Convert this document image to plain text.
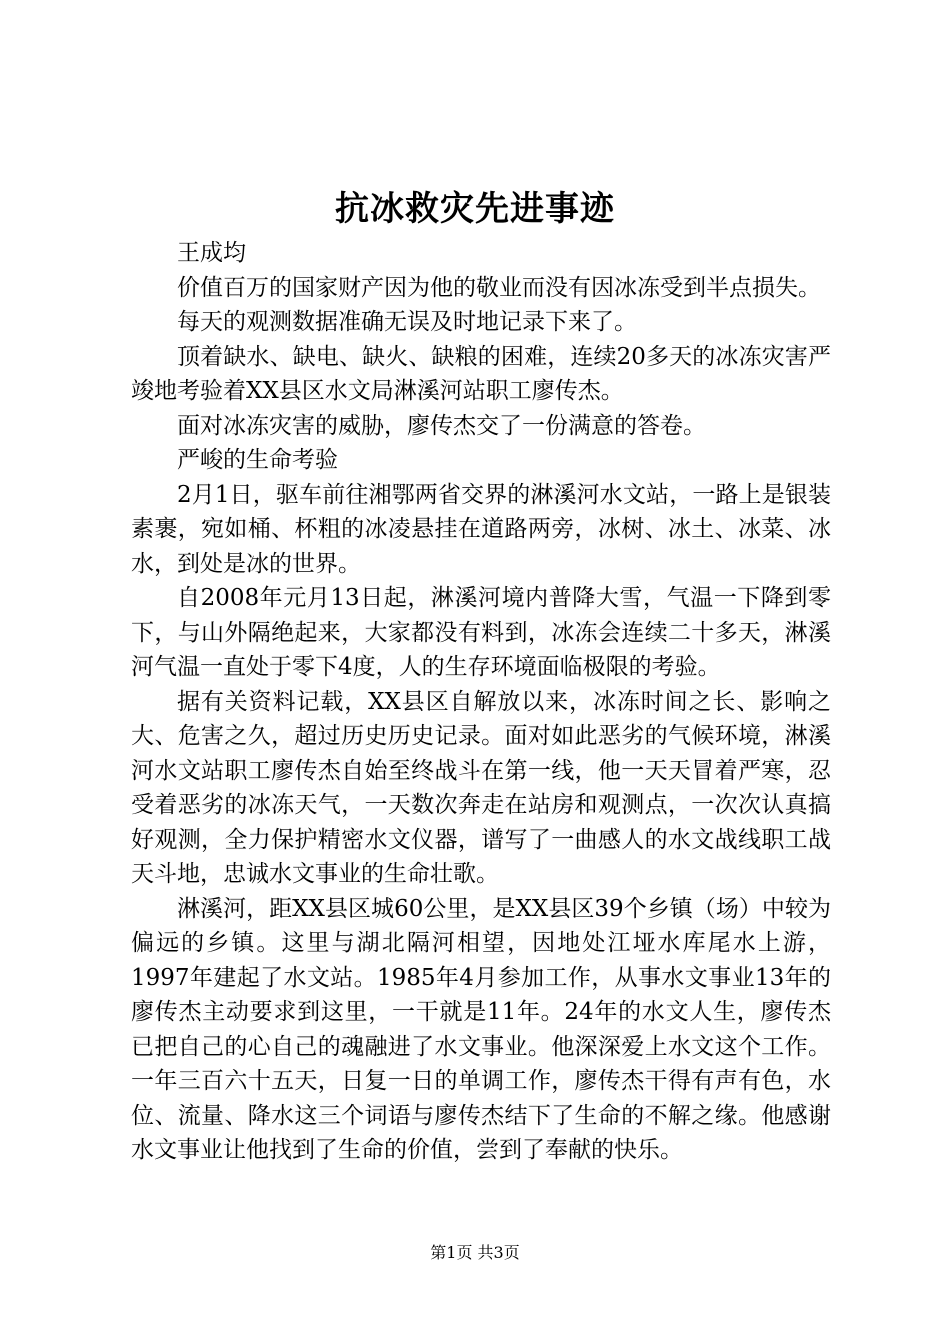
抗冰救灾先进事迹

王成均

价值百万的国家财产因为他的敬业而没有因冰冻受到半点损失。

每天的观测数据准确无误及时地记录下来了。

顶着缺水、缺电、缺火、缺粮的困难，连续20多天的冰冻灾害严竣地考验着XX县区水文局淋溪河站职工廖传杰。

面对冰冻灾害的威胁，廖传杰交了一份满意的答卷。

严峻的生命考验

2月1日，驱车前往湘鄂两省交界的淋溪河水文站，一路上是银装素裹，宛如桶、杯粗的冰凌悬挂在道路两旁，冰树、冰土、冰菜、冰水，到处是冰的世界。

自2008年元月13日起，淋溪河境内普降大雪，气温一下降到零下，与山外隔绝起来，大家都没有料到，冰冻会连续二十多天，淋溪河气温一直处于零下4度，人的生存环境面临极限的考验。

据有关资料记载，XX县区自解放以来，冰冻时间之长、影响之大、危害之久，超过历史历史记录。面对如此恶劣的气候环境，淋溪河水文站职工廖传杰自始至终战斗在第一线，他一天天冒着严寒，忍受着恶劣的冰冻天气，一天数次奔走在站房和观测点，一次次认真搞好观测，全力保护精密水文仪器，谱写了一曲感人的水文战线职工战天斗地，忠诚水文事业的生命壮歌。

淋溪河，距XX县区城60公里，是XX县区39个乡镇（场）中较为偏远的乡镇。这里与湖北隔河相望，因地处江垭水库尾水上游，1997年建起了水文站。1985年4月参加工作，从事水文事业13年的廖传杰主动要求到这里，一干就是11年。24年的水文人生，廖传杰已把自己的心自己的魂融进了水文事业。他深深爱上水文这个工作。一年三百六十五天，日复一日的单调工作，廖传杰干得有声有色，水位、流量、降水这三个词语与廖传杰结下了生命的不解之缘。他感谢水文事业让他找到了生命的价值，尝到了奉献的快乐。

第1页 共3页
